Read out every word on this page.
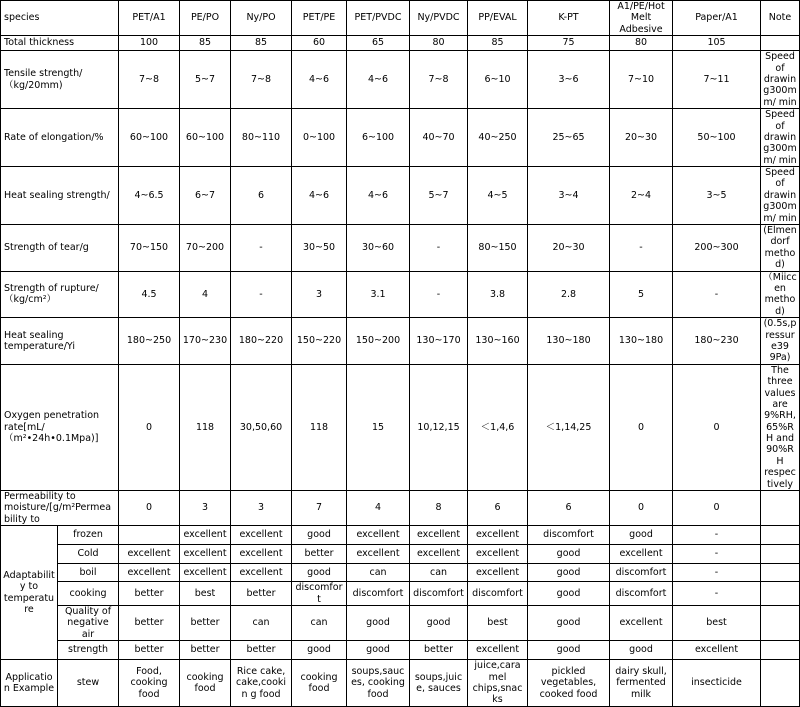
species		PET/A1	PE/PO	Ny/PO	PET/PE	PET/PVDC	Ny/PVDC	PP/EVAL	K-PT	A1/PE/Hot Melt Adbesive	Paper/A1	Note
Total thickness		100	85	85	60	65	80	85	75	80	105	
Tensile strength/（kg/20mm)		7~8	5~7	7~8	4~6	4~6	7~8	6~10	3~6	7~10	7~11	Speed of drawing300mm/ min
Rate of elongation/%		60~100	60~100	80~110	0~100	6~100	40~70	40~250	25~65	20~30	50~100	Speed of drawing300mm/ min
Heat sealing strength/		4~6.5	6~7	6	4~6	4~6	5~7	4~5	3~4	2~4	3~5	Speed of drawing300mm/ min
Strength of tear/g		70~150	70~200	-	30~50	30~60	-	80~150	20~30	-	200~300	(Elmendorf method)
Strength of rupture/（kg/cm²）		4.5	4	-	3	3.1	-	3.8	2.8	5	-	（Miiccen method)
Heat sealing temperature/Yi		180~250	170~230	180~220	150~220	150~200	130~170	130~160	130~180	130~180	180~230	(0.5s,pressure39 9Pa)
Oxygen penetration rate[mL/（m²•24h•0.1Mpa)]		0	118	30,50,60	118	15	10,12,15	＜1,4,6	＜1,14,25	0	0	The three values are 9%RH,65%RH and 90%RH respectively
Permeability to moisture/[g/m²Permeability to		0	3	3	7	4	8	6	6	0	0	
Adaptability to temperature	frozen		excellent	excellent	good	excellent	excellent	excellent	discomfort	good	-	
	Cold	excellent	excellent	excellent	better	excellent	excellent	excellent	good	excellent	-	
	boil	excellent	excellent	excellent	good	can	can	excellent	good	discomfort	-	
	cooking	better	best	better	discomfort	discomfort	discomfort	discomfort	good	discomfort	-	
	Quality of negative air	better	better	can	can	good	good	best	good	excellent	best	
	strength	better	better	better	good	good	better	excellent	good	good	excellent	
Application Example	stew	Food, cooking food	cooking food	Rice cake, cake,cookin g food	cooking food	soups,sauces, cooking food	soups,juice, sauces	juice,caramel chips,snacks	pickled vegetables, cooked food	dairy skull, fermented milk	insecticide	
